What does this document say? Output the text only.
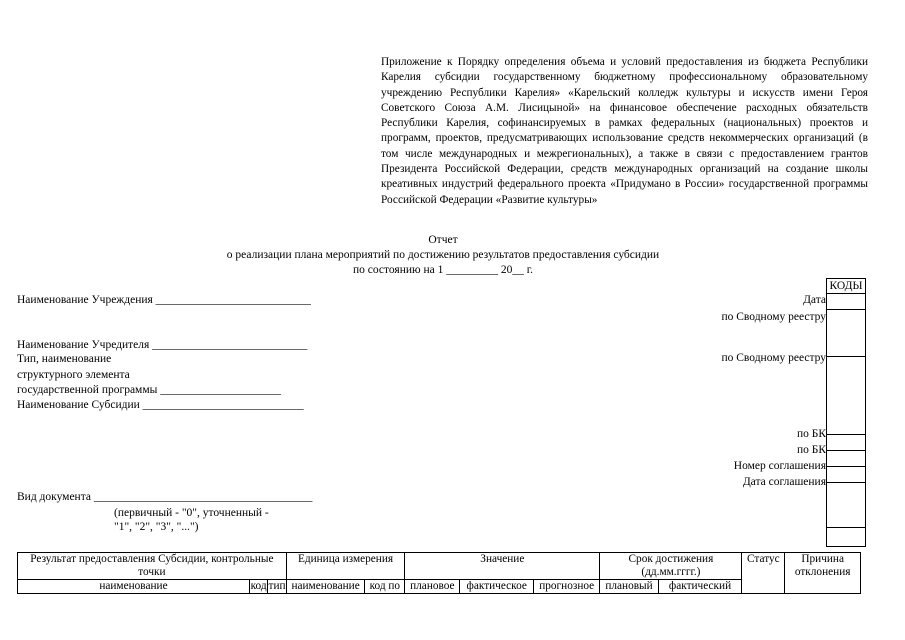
Приложение к Порядку определения объема и условий предоставления из бюджета Республики Карелия субсидии государственному бюджетному профессиональному образовательному учреждению Республики Карелия» «Карельский колледж культуры и искусств имени Героя Советского Союза А.М. Лисицыной» на финансовое обеспечение расходных обязательств Республики Карелия, софинансируемых в рамках федеральных (национальных) проектов и программ, проектов, предусматривающих использование средств некоммерческих организаций (в том числе международных и межрегиональных), а также в связи с предоставлением грантов Президента Российской Федерации, средств международных организаций на создание школы креативных индустрий федерального проекта «Придумано в России» государственной программы Российской Федерации «Развитие культуры»
Отчет
о реализации плана мероприятий по достижению результатов предоставления субсидии
по состоянию на 1 _________ 20__ г.
КОДЫ
Дата
по Сводному реестру
по Сводному реестру
по БК
по БК
Номер соглашения
Дата соглашения
Наименование Учреждения ___________________________
Наименование Учредителя ___________________________
Тип, наименование
структурного элемента
государственной программы _____________________
Наименование Субсидии ____________________________
Вид документа ______________________________________
(первичный - "0", уточненный -
"1", "2", "3", "...")
Результат предоставления Субсидии, контрольные точки			Единица измерения		Значение			Срок достижения (дд.мм.гггг.)		Статус	Причина отклонения
наименование	код	тип	наименование	код по	плановое	фактическое	прогнозное	плановый	фактический		
